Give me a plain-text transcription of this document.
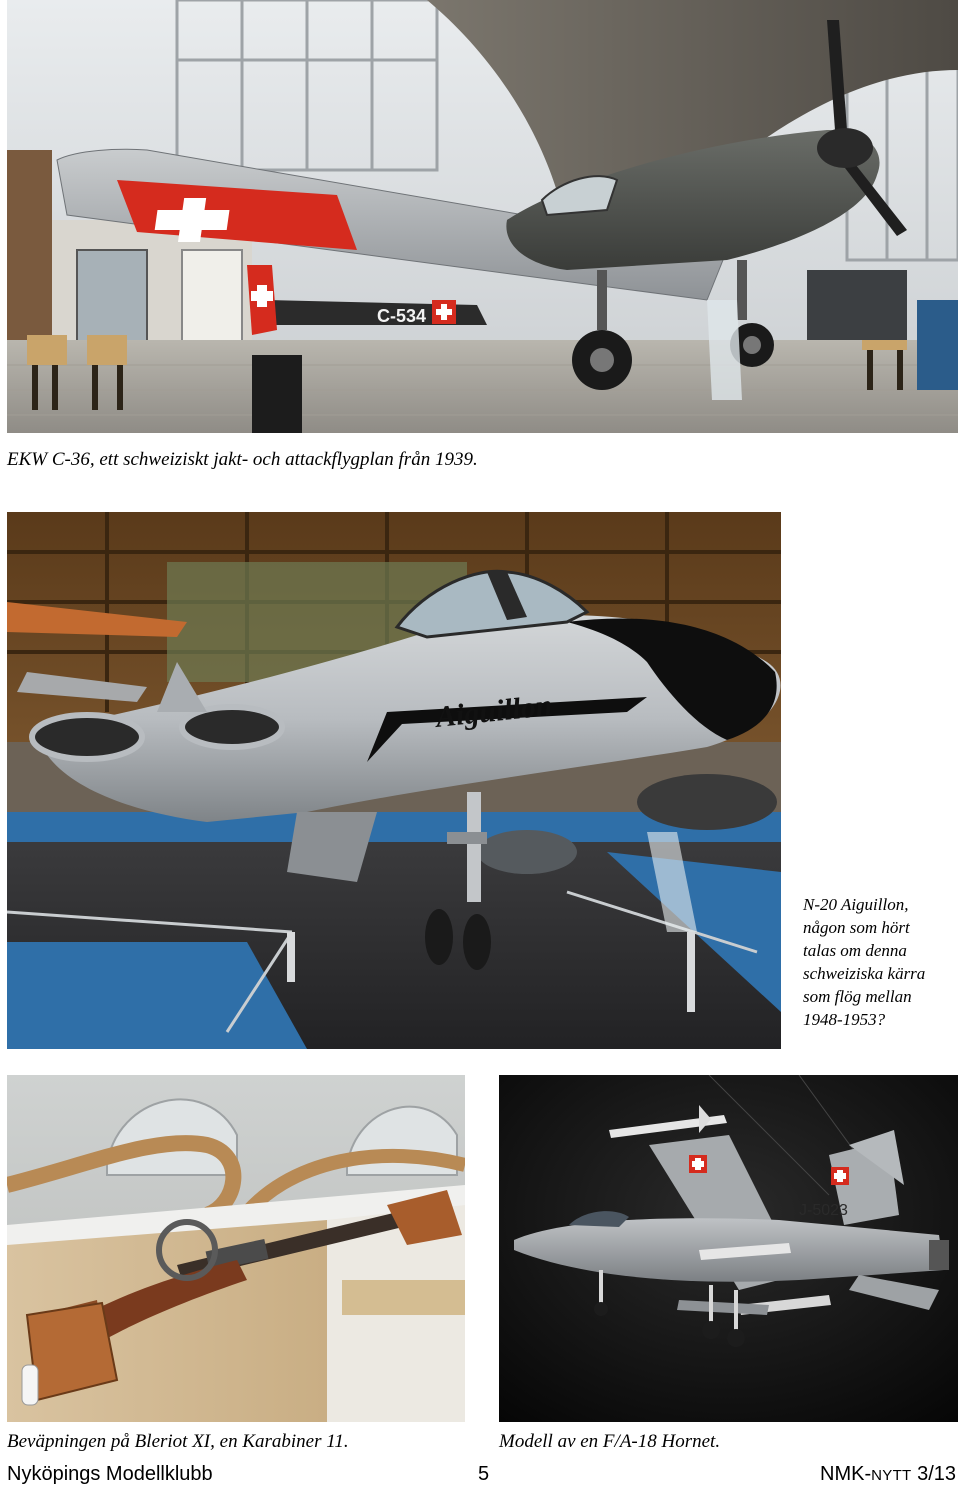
C-534
EKW C-36, ett schweiziskt jakt- och attackflygplan från 1939.
Aiguillon
N-20 Aiguillon,
någon som hört
talas om denna
schweiziska kärra
som flög mellan
1948-1953?
Beväpningen på Bleriot XI, en Karabiner 11.
J-5023
Modell av en F/A-18 Hornet.
Nyköpings Modellklubb	5	NMK-NYTT 3/13
